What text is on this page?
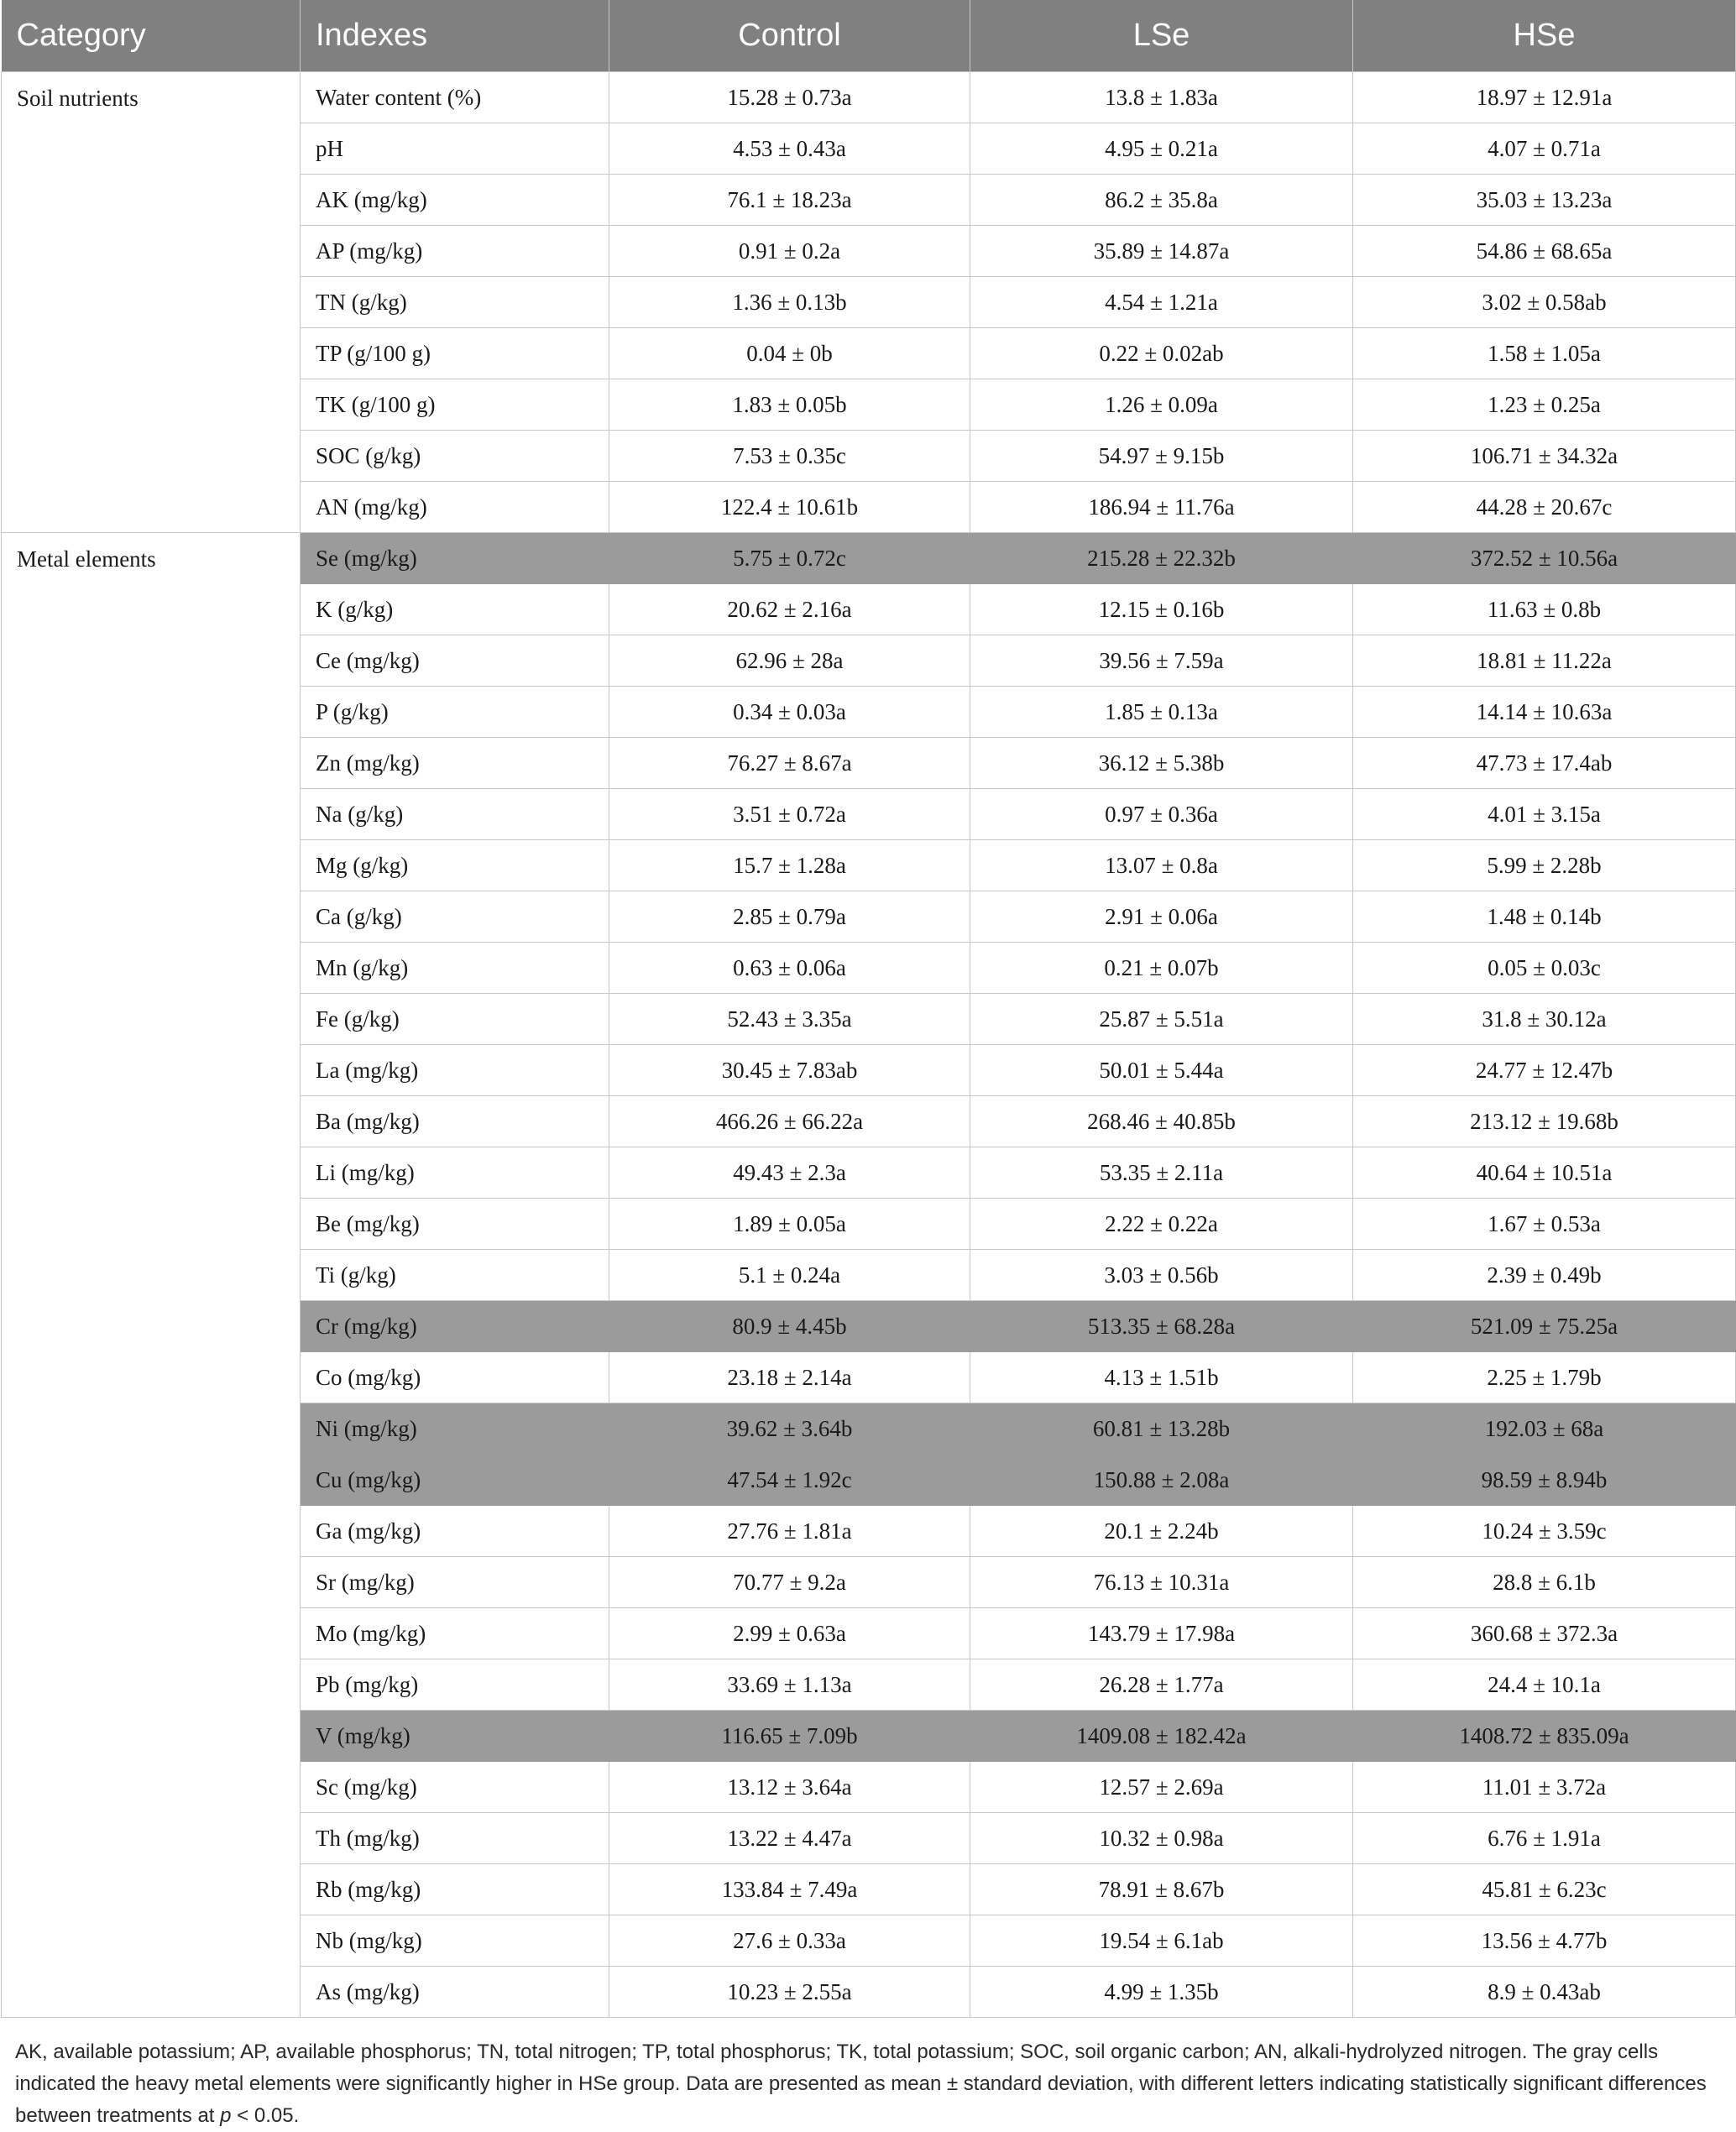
Category	Indexes	Control	LSe	HSe
Soil nutrients	Water content (%)	15.28 ± 0.73a	13.8 ± 1.83a	18.97 ± 12.91a
	pH	4.53 ± 0.43a	4.95 ± 0.21a	4.07 ± 0.71a
	AK (mg/kg)	76.1 ± 18.23a	86.2 ± 35.8a	35.03 ± 13.23a
	AP (mg/kg)	0.91 ± 0.2a	35.89 ± 14.87a	54.86 ± 68.65a
	TN (g/kg)	1.36 ± 0.13b	4.54 ± 1.21a	3.02 ± 0.58ab
	TP (g/100 g)	0.04 ± 0b	0.22 ± 0.02ab	1.58 ± 1.05a
	TK (g/100 g)	1.83 ± 0.05b	1.26 ± 0.09a	1.23 ± 0.25a
	SOC (g/kg)	7.53 ± 0.35c	54.97 ± 9.15b	106.71 ± 34.32a
	AN (mg/kg)	122.4 ± 10.61b	186.94 ± 11.76a	44.28 ± 20.67c
Metal elements	Se (mg/kg)	5.75 ± 0.72c	215.28 ± 22.32b	372.52 ± 10.56a
	K (g/kg)	20.62 ± 2.16a	12.15 ± 0.16b	11.63 ± 0.8b
	Ce (mg/kg)	62.96 ± 28a	39.56 ± 7.59a	18.81 ± 11.22a
	P (g/kg)	0.34 ± 0.03a	1.85 ± 0.13a	14.14 ± 10.63a
	Zn (mg/kg)	76.27 ± 8.67a	36.12 ± 5.38b	47.73 ± 17.4ab
	Na (g/kg)	3.51 ± 0.72a	0.97 ± 0.36a	4.01 ± 3.15a
	Mg (g/kg)	15.7 ± 1.28a	13.07 ± 0.8a	5.99 ± 2.28b
	Ca (g/kg)	2.85 ± 0.79a	2.91 ± 0.06a	1.48 ± 0.14b
	Mn (g/kg)	0.63 ± 0.06a	0.21 ± 0.07b	0.05 ± 0.03c
	Fe (g/kg)	52.43 ± 3.35a	25.87 ± 5.51a	31.8 ± 30.12a
	La (mg/kg)	30.45 ± 7.83ab	50.01 ± 5.44a	24.77 ± 12.47b
	Ba (mg/kg)	466.26 ± 66.22a	268.46 ± 40.85b	213.12 ± 19.68b
	Li (mg/kg)	49.43 ± 2.3a	53.35 ± 2.11a	40.64 ± 10.51a
	Be (mg/kg)	1.89 ± 0.05a	2.22 ± 0.22a	1.67 ± 0.53a
	Ti (g/kg)	5.1 ± 0.24a	3.03 ± 0.56b	2.39 ± 0.49b
	Cr (mg/kg)	80.9 ± 4.45b	513.35 ± 68.28a	521.09 ± 75.25a
	Co (mg/kg)	23.18 ± 2.14a	4.13 ± 1.51b	2.25 ± 1.79b
	Ni (mg/kg)	39.62 ± 3.64b	60.81 ± 13.28b	192.03 ± 68a
	Cu (mg/kg)	47.54 ± 1.92c	150.88 ± 2.08a	98.59 ± 8.94b
	Ga (mg/kg)	27.76 ± 1.81a	20.1 ± 2.24b	10.24 ± 3.59c
	Sr (mg/kg)	70.77 ± 9.2a	76.13 ± 10.31a	28.8 ± 6.1b
	Mo (mg/kg)	2.99 ± 0.63a	143.79 ± 17.98a	360.68 ± 372.3a
	Pb (mg/kg)	33.69 ± 1.13a	26.28 ± 1.77a	24.4 ± 10.1a
	V (mg/kg)	116.65 ± 7.09b	1409.08 ± 182.42a	1408.72 ± 835.09a
	Sc (mg/kg)	13.12 ± 3.64a	12.57 ± 2.69a	11.01 ± 3.72a
	Th (mg/kg)	13.22 ± 4.47a	10.32 ± 0.98a	6.76 ± 1.91a
	Rb (mg/kg)	133.84 ± 7.49a	78.91 ± 8.67b	45.81 ± 6.23c
	Nb (mg/kg)	27.6 ± 0.33a	19.54 ± 6.1ab	13.56 ± 4.77b
	As (mg/kg)	10.23 ± 2.55a	4.99 ± 1.35b	8.9 ± 0.43ab

AK, available potassium; AP, available phosphorus; TN, total nitrogen; TP, total phosphorus; TK, total potassium; SOC, soil organic carbon; AN, alkali-hydrolyzed nitrogen. The gray cells indicated the heavy metal elements were significantly higher in HSe group. Data are presented as mean ± standard deviation, with different letters indicating statistically significant differences between treatments at p < 0.05.
